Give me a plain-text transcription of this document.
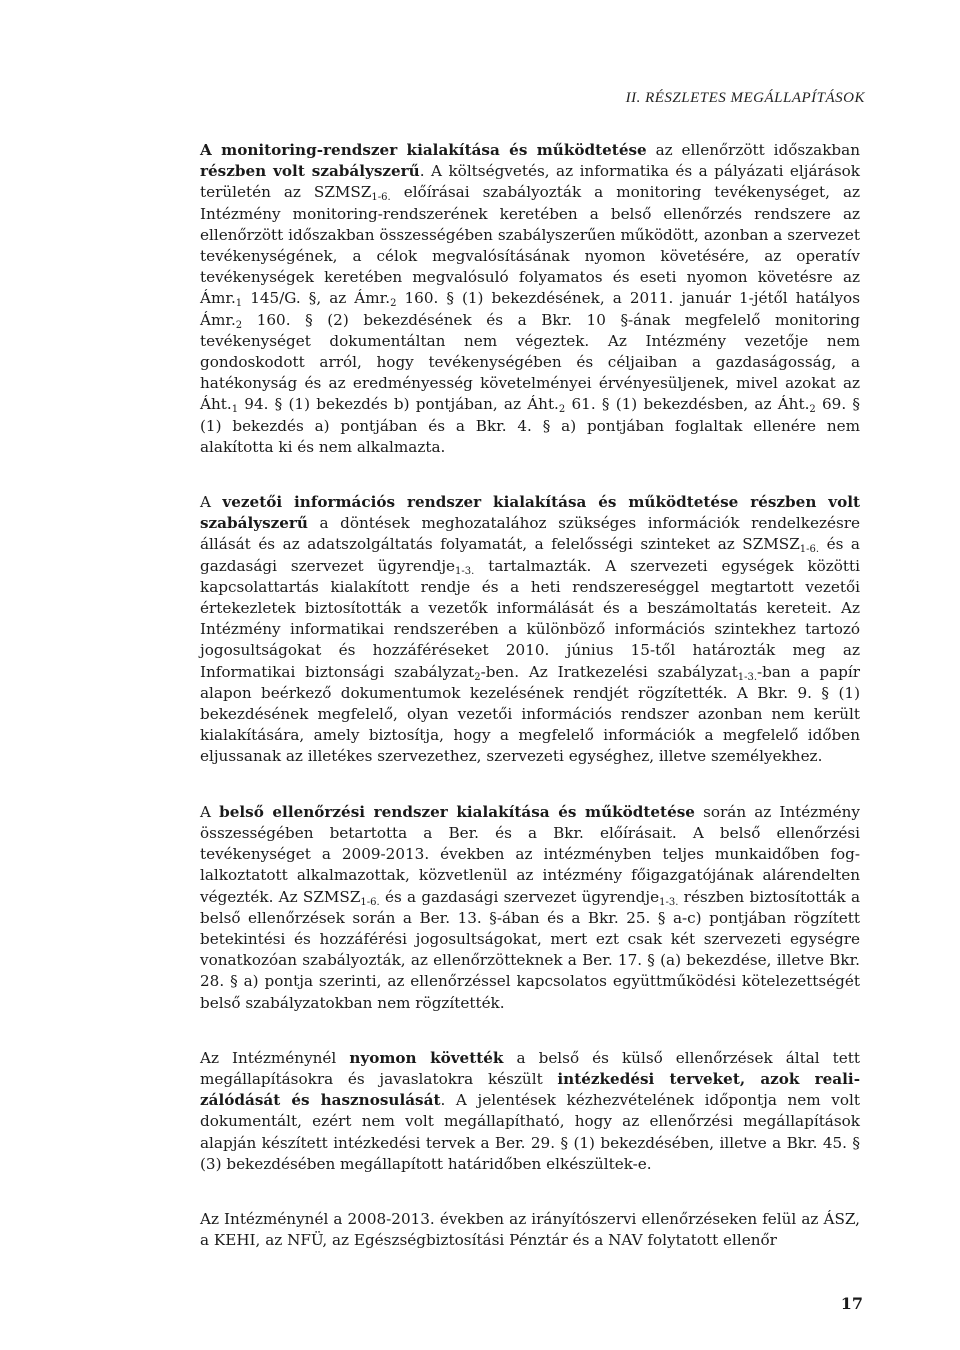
II. RÉSZLETES MEGÁLLAPÍTÁSOK

A monitoring-rendszer kialakítása és működtetése az ellenőrzött időszakban részben volt szabályszerű. A költségvetés, az informatika és a pályázati eljárások területén az $SZMSZ_{1-6.}$ előírásai szabályozták a monitoring tevékenységet, az Intézmény monitoring-rendszerének keretében a belső ellenőrzés rendszere az ellenőrzött időszakban összességében szabályszerűen működött, azonban a szervezet tevékenységének, a célok megvalósításának nyomon követésére, az operatív tevékenységek keretében megvalósuló folyamatos és eseti nyomon követésre az $Ámr._1$ 145/G. §, az $Ámr._2$ 160. § (1) bekezdésének, a 2011. január 1-jétől hatályos $Ámr._2$ 160. § (2) bekezdésének és a Bkr. 10 §-ának megfelelő monitoring tevékenységet dokumentáltan nem végeztek. Az Intézmény vezetője nem gondoskodott arról, hogy tevékenységében és céljaiban a gazdaságosság, a hatékonyság és az eredményesség követelményei érvényesüljenek, mivel azokat az $Áht._1$ 94. § (1) bekezdés b) pontjában, az $Áht._2$ 61. § (1) bekezdésben, az $Áht._2$ 69. § (1) bekezdés a) pontjában és a Bkr. 4. § a) pontjában foglaltak ellenére nem alakította ki és nem alkalmazta.

A vezetői információs rendszer kialakítása és működtetése részben volt szabályszerű a döntések meghozatalához szükséges információk rendelkezésre állását és az adatszolgáltatás folyamatát, a felelősségi szinteket az $SZMSZ_{1-6.}$ és a gazdasági szervezet ügyrendje$_{1-3.}$ tartalmazták. A szervezeti egységek közötti kapcsolattartás kialakított rendje és a heti rendszereséggel megtartott vezetői értekezletek biztosították a vezetők informálását és a beszámoltatás kereteit. Az Intézmény informatikai rendszerében a különböző információs szintekhez tartozó jogosultságokat és hozzáféréseket 2010. június 15-től határozták meg az Informatikai biztonsági szabályzat$_2$-ben. Az Iratkezelési szabályzat$_{1-3.}$-ban a papír alapon beérkező dokumentumok kezelésének rendjét rögzítették. A Bkr. 9. § (1) bekezdésének megfelelő, olyan vezetői információs rendszer azonban nem került kialakítására, amely biztosítja, hogy a megfelelő információk a megfelelő időben eljussanak az illetékes szervezethez, szervezeti egységhez, illetve személyekhez.

A belső ellenőrzési rendszer kialakítása és működtetése során az Intézmény összességében betartotta a Ber. és a Bkr. előírásait. A belső ellenőrzési tevékenységet a 2009-2013. években az intézményben teljes munkaidőben foglalkoztatott alkalmazottak, közvetlenül az intézmény főigazgatójának alárendelten végezték. Az $SZMSZ_{1-6.}$ és a gazdasági szervezet ügyrendje$_{1-3.}$ részben biztosították a belső ellenőrzések során a Ber. 13. §-ában és a Bkr. 25. § a-c) pontjában rögzített betekintési és hozzáférési jogosultságokat, mert ezt csak két szervezeti egységre vonatkozóan szabályozták, az ellenőrzötteknek a Ber. 17. § (a) bekezdése, illetve Bkr. 28. § a) pontja szerinti, az ellenőrzéssel kapcsolatos együttműködési kötelezettségét belső szabályzatokban nem rögzítették.

Az Intézménynél nyomon követték a belső és külső ellenőrzések által tett megállapításokra és javaslatokra készült intézkedési terveket, azok realizálódását és hasznosulását. A jelentések kézhezvételének időpontja nem volt dokumentált, ezért nem volt megállapítható, hogy az ellenőrzési megállapítások alapján készített intézkedési tervek a Ber. 29. § (1) bekezdésében, illetve a Bkr. 45. § (3) bekezdésében megállapított határidőben elkészültek-e.

Az Intézménynél a 2008-2013. években az irányítószervi ellenőrzéseken felül az ÁSZ, a KEHI, az NFÜ, az Egészségbiztosítási Pénztár és a NAV folytatott ellenőr

17
